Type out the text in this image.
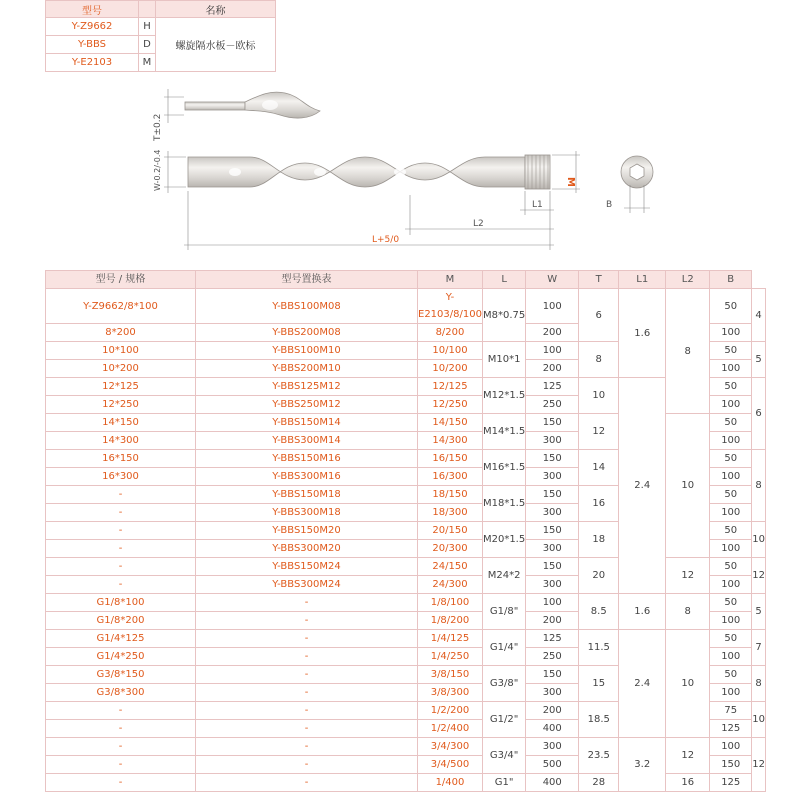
型号		名称
Y-Z9662	H	螺旋隔水板－欧标
Y-BBS	D	
Y-E2103	M	
T±0.2
W-0.2/-0.4	M
L1
L2
L+5/0
B
型号 / 规格	型号置换表	M	L	W	T	L1	L2	B	
Y-Z9662/8*100	Y-BBS100M08	Y-E2103/8/100	M8*0.75	100	6	1.6	8	50	4
8*200	Y-BBS200M08	8/200		200				100	
10*100	Y-BBS100M10	10/100	M10*1	100	8			50	5
10*200	Y-BBS200M10	10/200		200				100	
12*125	Y-BBS125M12	12/125	M12*1.5	125	10	2.4		50	6
12*250	Y-BBS250M12	12/250		250				100	
14*150	Y-BBS150M14	14/150	M14*1.5	150	12		10	50	
14*300	Y-BBS300M14	14/300		300				100	
16*150	Y-BBS150M16	16/150	M16*1.5	150	14			50	8
16*300	Y-BBS300M16	16/300		300				100	
-	Y-BBS150M18	18/150	M18*1.5	150	16			50	
-	Y-BBS300M18	18/300		300				100	
-	Y-BBS150M20	20/150	M20*1.5	150	18			50	10
-	Y-BBS300M20	20/300		300				100	
-	Y-BBS150M24	24/150	M24*2	150	20		12	50	12
-	Y-BBS300M24	24/300		300				100	
G1/8*100	-	1/8/100	G1/8"	100	8.5	1.6	8	50	5
G1/8*200	-	1/8/200		200				100	
G1/4*125	-	1/4/125	G1/4"	125	11.5	2.4	10	50	7
G1/4*250	-	1/4/250		250				100	
G3/8*150	-	3/8/150	G3/8"	150	15			50	8
G3/8*300	-	3/8/300		300				100	
-	-	1/2/200	G1/2"	200	18.5			75	10
-	-	1/2/400		400				125	
-	-	3/4/300	G3/4"	300	23.5	3.2	12	100	12
-	-	3/4/500		500				150	
-	-	1/400	G1"	400	28		16	125	
